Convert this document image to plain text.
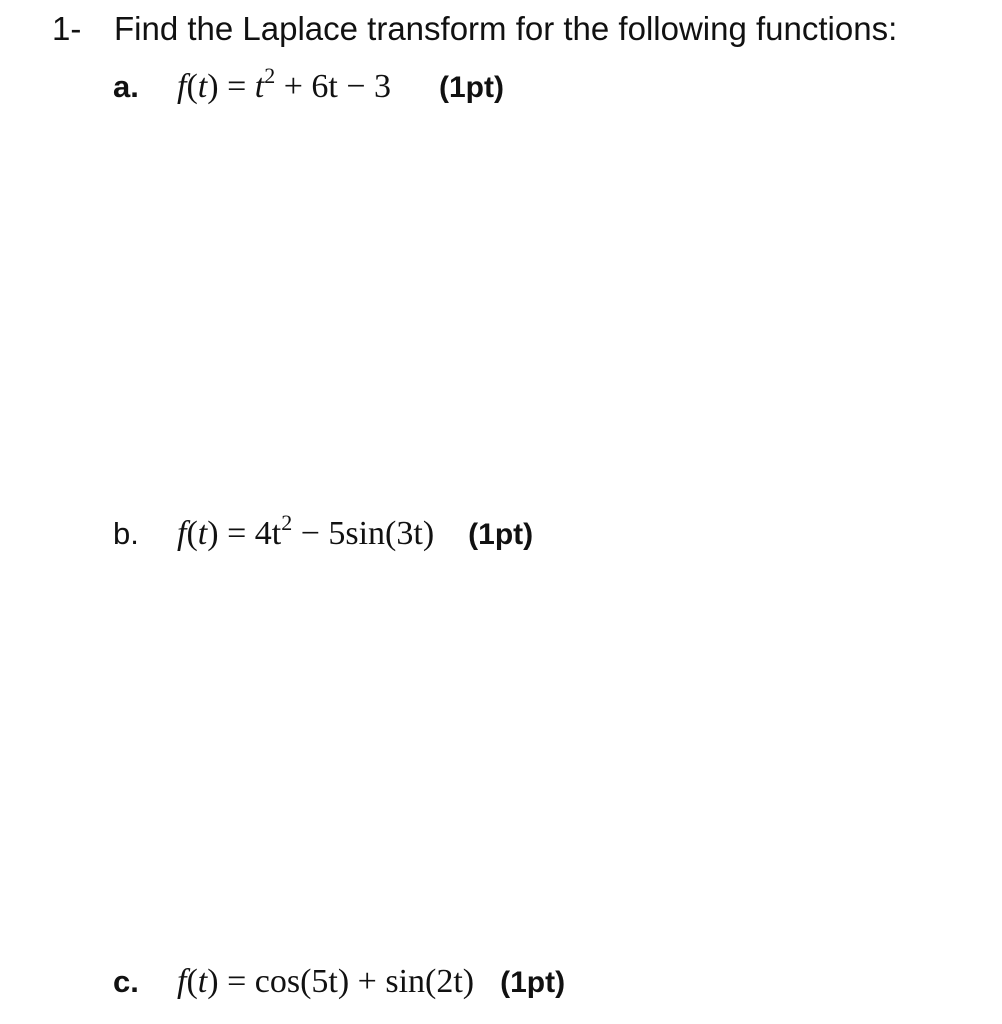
1- Find the Laplace transform for the following functions:
a. $f(t) = t^2 + 6t - 3$ (1pt)
b. $f(t) = 4t^2 - 5\sin(3t)$ (1pt)
c. f(t) = cos(5t) + sin(2t) (1pt)
